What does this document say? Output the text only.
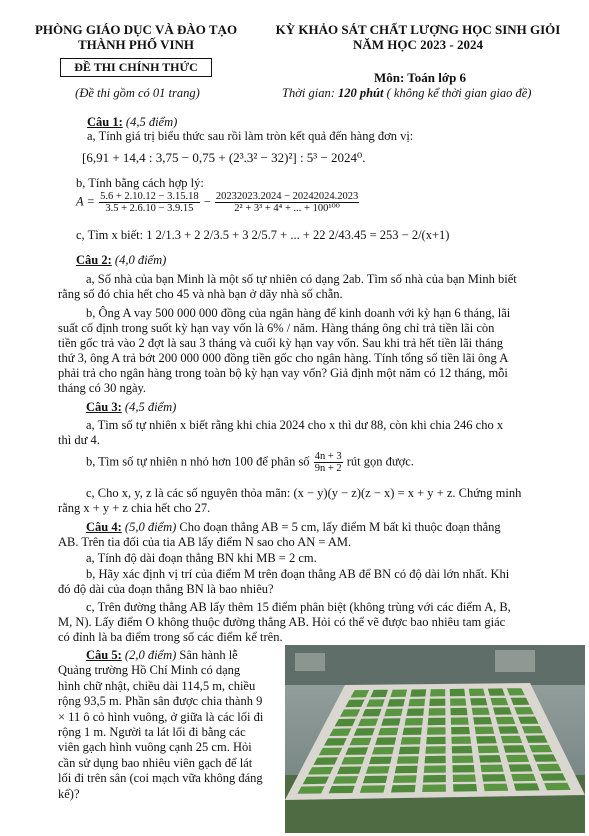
PHÒNG GIÁO DỤC VÀ ĐÀO TẠO
THÀNH PHỐ VINH
ĐỀ THI CHÍNH THỨC
(Đề thi gồm có 01 trang)
KỲ KHẢO SÁT CHẤT LƯỢNG HỌC SINH GIỎI
NĂM HỌC 2023 - 2024
Môn: Toán lớp 6
Thời gian: 120 phút ( không kể thời gian giao đề)
Câu 1: (4,5 điểm)
a, Tính giá trị biểu thức sau rồi làm tròn kết quả đến hàng đơn vị:
[6,91 + 14,4 : 3,75 − 0,75 + (2³.3² − 32)²] : 5³ − 2024⁰.
b, Tính bằng cách hợp lý:
$A = \frac{5.6 + 2.10.12 - 3.15.18}{3.5 + 2.6.10 - 3.9.15} - \frac{20232023.2024 - 20242024.2023}{\text{2² + 3³ + 4⁴ + ... + 100¹⁰⁰}}$
c, Tìm x biết: 1 2/1.3 + 2 2/3.5 + 3 2/5.7 + ... + 22 2/43.45 = 253 − 2/(x+1)
Câu 2: (4,0 điểm)
a, Số nhà của bạn Minh là một số tự nhiên có dạng 2ab. Tìm số nhà của bạn Minh biết
rằng số đó chia hết cho 45 và nhà bạn ở dãy nhà số chẵn.
b, Ông A vay 500 000 000 đồng của ngân hàng để kinh doanh với kỳ hạn 6 tháng, lãi
suất cố định trong suốt kỳ hạn vay vốn là 6% / năm. Hàng tháng ông chỉ trả tiền lãi còn
tiền gốc trả vào 2 đợt là sau 3 tháng và cuối kỳ hạn vay vốn. Sau khi trả hết tiền lãi tháng
thứ 3, ông A trả bớt 200 000 000 đồng tiền gốc cho ngân hàng. Tính tổng số tiền lãi ông A
phải trả cho ngân hàng trong toàn bộ kỳ hạn vay vốn? Giả định một năm có 12 tháng, mỗi
tháng có 30 ngày.
Câu 3: (4,5 điểm)
a, Tìm số tự nhiên x biết rằng khi chia 2024 cho x thì dư 88, còn khi chia 246 cho x
thì dư 4.
b, Tìm số tự nhiên n nhỏ hơn 100 để phân số $\frac{4n + 3}{9n + 2}$ rút gọn được.
c, Cho x, y, z là các số nguyên thỏa mãn: (x − y)(y − z)(z − x) = x + y + z. Chứng minh
rằng x + y + z chia hết cho 27.
Câu 4: (5,0 điểm) Cho đoạn thẳng AB = 5 cm, lấy điểm M bất kì thuộc đoạn thẳng
AB. Trên tia đối của tia AB lấy điểm N sao cho AN = AM.
a, Tính độ dài đoạn thẳng BN khi MB = 2 cm.
b, Hãy xác định vị trí của điểm M trên đoạn thẳng AB để BN có độ dài lớn nhất. Khi
đó độ dài của đoạn thẳng BN là bao nhiêu?
c, Trên đường thẳng AB lấy thêm 15 điểm phân biệt (không trùng với các điểm A, B,
M, N). Lấy điểm O không thuộc đường thẳng AB. Hỏi có thể vẽ được bao nhiêu tam giác
có đỉnh là ba điểm trong số các điểm kể trên.
Câu 5: (2,0 điểm) Sân hành lễ
Quảng trường Hồ Chí Minh có dạng
hình chữ nhật, chiều dài 114,5 m, chiều
rộng 93,5 m. Phần sân được chia thành 9
× 11 ô cỏ hình vuông, ở giữa là các lối đi
rộng 1 m. Người ta lát lối đi bằng các
viên gạch hình vuông cạnh 25 cm. Hỏi
cần sử dụng bao nhiêu viên gạch để lát
lối đi trên sân (coi mạch vữa không đáng
kể)?
